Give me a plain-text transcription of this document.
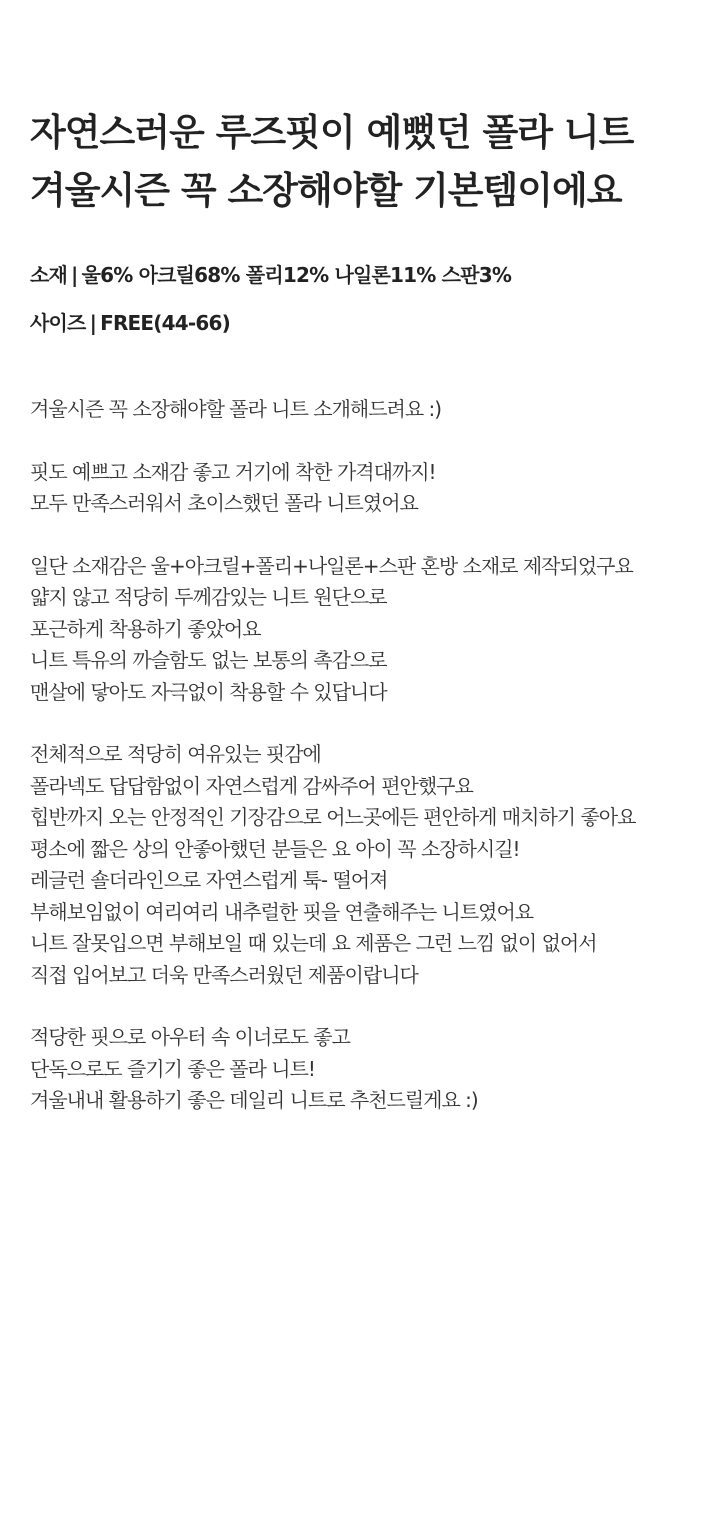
자연스러운 루즈핏이 예뻤던 폴라 니트
겨울시즌 꼭 소장해야할 기본템이에요
소재 | 울6% 아크릴68% 폴리12% 나일론11% 스판3%
사이즈 | FREE(44-66)
겨울시즌 꼭 소장해야할 폴라 니트 소개해드려요 :)
핏도 예쁘고 소재감 좋고 거기에 착한 가격대까지!
모두 만족스러워서 초이스했던 폴라 니트였어요
일단 소재감은 울+아크릴+폴리+나일론+스판 혼방 소재로 제작되었구요
얇지 않고 적당히 두께감있는 니트 원단으로
포근하게 착용하기 좋았어요
니트 특유의 까슬함도 없는 보통의 촉감으로
맨살에 닿아도 자극없이 착용할 수 있답니다
전체적으로 적당히 여유있는 핏감에
폴라넥도 답답함없이 자연스럽게 감싸주어 편안했구요
힙반까지 오는 안정적인 기장감으로 어느곳에든 편안하게 매치하기 좋아요
평소에 짧은 상의 안좋아했던 분들은 요 아이 꼭 소장하시길!
레글런 숄더라인으로 자연스럽게 툭- 떨어져
부해보임없이 여리여리 내추럴한 핏을 연출해주는 니트였어요
니트 잘못입으면 부해보일 때 있는데 요 제품은 그런 느낌 없이 없어서
직접 입어보고 더욱 만족스러웠던 제품이랍니다
적당한 핏으로 아우터 속 이너로도 좋고
단독으로도 즐기기 좋은 폴라 니트!
겨울내내 활용하기 좋은 데일리 니트로 추천드릴게요 :)
